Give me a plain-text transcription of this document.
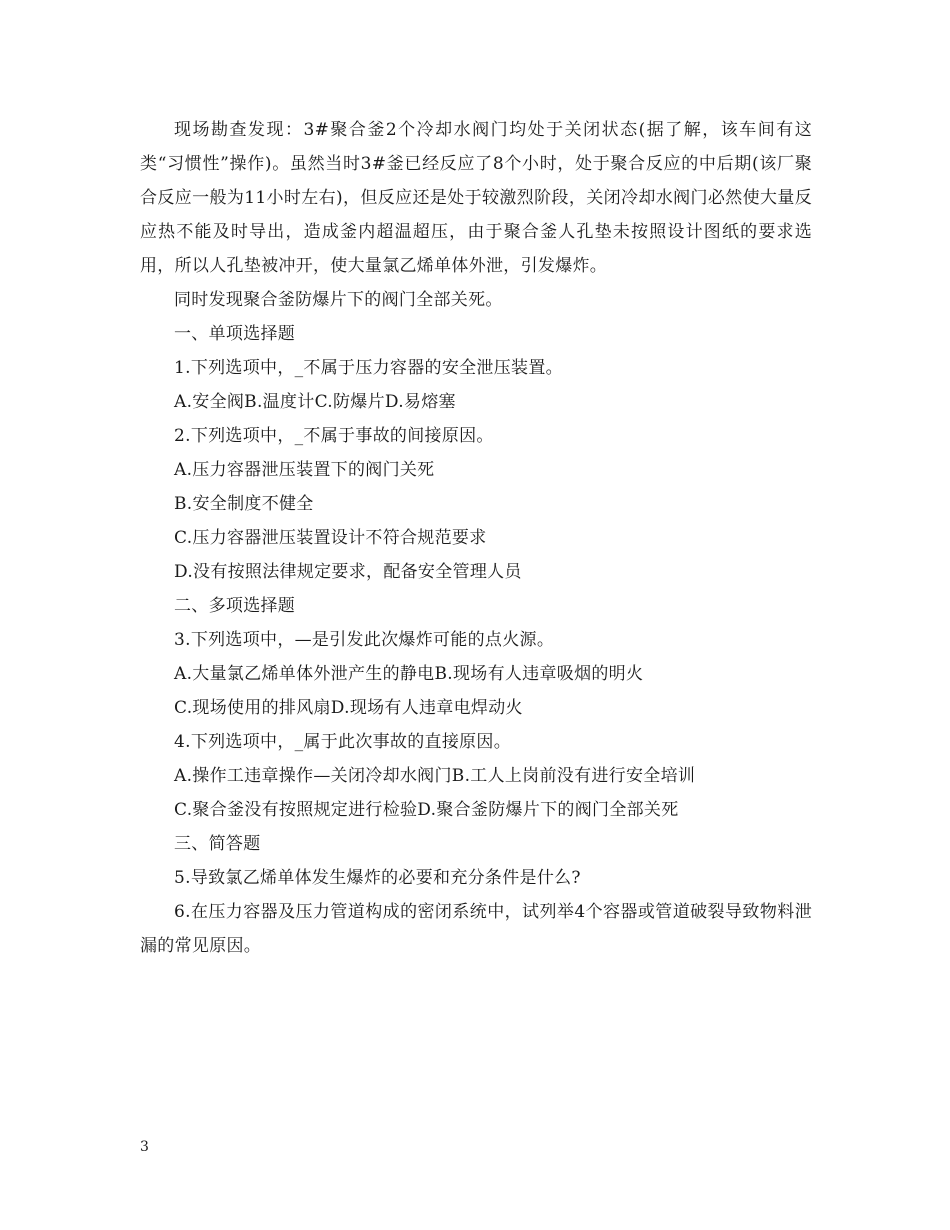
现场勘查发现：3#聚合釜2个冷却水阀门均处于关闭状态(据了解，该车间有这类“习惯性”操作)。虽然当时3#釜已经反应了8个小时，处于聚合反应的中后期(该厂聚合反应一般为11小时左右)，但反应还是处于较激烈阶段，关闭冷却水阀门必然使大量反应热不能及时导出，造成釜内超温超压，由于聚合釜人孔垫未按照设计图纸的要求选用，所以人孔垫被冲开，使大量氯乙烯单体外泄，引发爆炸。

同时发现聚合釜防爆片下的阀门全部关死。

一、单项选择题

1.下列选项中，_不属于压力容器的安全泄压装置。

A.安全阀B.温度计C.防爆片D.易熔塞

2.下列选项中，_不属于事故的间接原因。

A.压力容器泄压装置下的阀门关死

B.安全制度不健全

C.压力容器泄压装置设计不符合规范要求

D.没有按照法律规定要求，配备安全管理人员

二、多项选择题

3.下列选项中，—是引发此次爆炸可能的点火源。

A.大量氯乙烯单体外泄产生的静电B.现场有人违章吸烟的明火

C.现场使用的排风扇D.现场有人违章电焊动火

4.下列选项中，_属于此次事故的直接原因。

A.操作工违章操作—关闭冷却水阀门B.工人上岗前没有进行安全培训

C.聚合釜没有按照规定进行检验D.聚合釜防爆片下的阀门全部关死

三、简答题

5.导致氯乙烯单体发生爆炸的必要和充分条件是什么?

6.在压力容器及压力管道构成的密闭系统中，试列举4个容器或管道破裂导致物料泄漏的常见原因。

3
